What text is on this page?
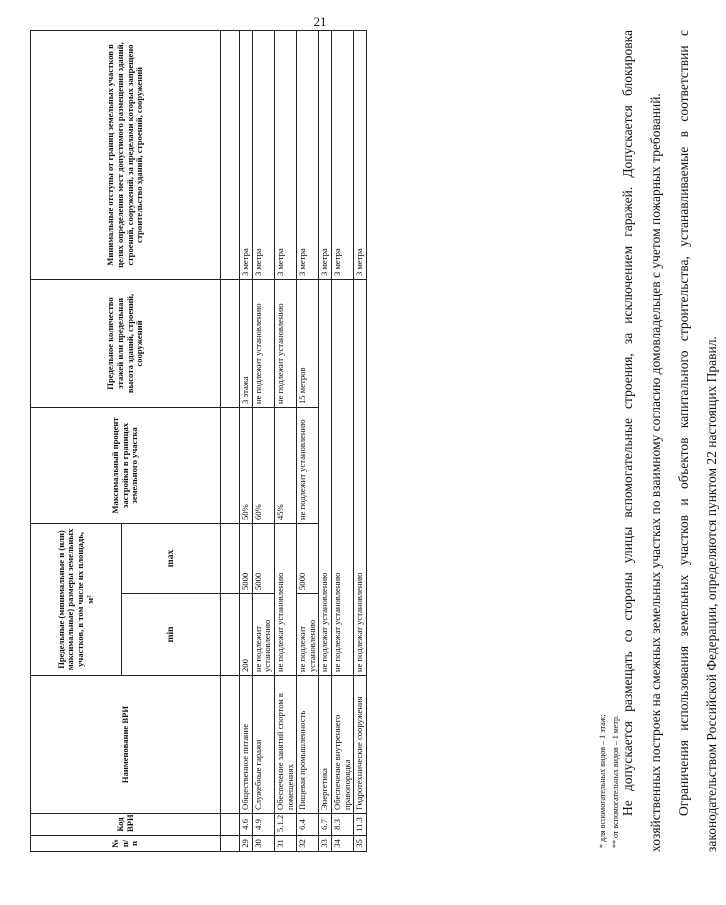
21
№ п/п	Код ВРИ	Наименование ВРИ	Предельные (минимальные и (или) максимальные) размеры земельных участков, в том числе их площадь, м²		Максимальный процент застройки в границах земельного участка	Предельное количество этажей или предельная высота зданий, строений, сооружений	Минимальные отступы от границ земельных участков в целях определения мест допустимого размещения зданий, строений, сооружений, за пределами которых запрещено строительство зданий, строений, сооружений
			min	max			

29	4.6	Общественное питание	200	5000	50%	3 этажа	3 метра
30	4.9	Служебные гаражи	не подлежит установлению	5000	60%	не подлежит установлению	3 метра
31	5.1.2	Обеспечение занятий спортом в помещениях	не подлежат установлению		45%	не подлежит установлению	3 метра
32	6.4	Пищевая промышленность	не подлежит установлению	5000	не подлежит установлению	15 метров	3 метра
33	6.7	Энергетика	не подлежат установлению				3 метра
34	8.3	Обеспечение внутреннего правопорядка	не подлежат установлению				3 метра
35	11.3	Гидротехнические сооружения	не подлежат установлению				3 метра
* для вспомогательных видов – 1 этаж; ** от вспомогательных видов – 1 метр. Не допускается размещать со стороны улицы вспомогательные строения, за исключением гаражей. Допускается блокировка хозяйственных построек на смежных земельных участках по взаимному согласию домовладельцев с учетом пожарных требований. Ограничения использования земельных участков и объектов капитального строительства, устанавливаемые в соответствии с законодательством Российской Федерации, определяются пунктом 22 настоящих Правил.
